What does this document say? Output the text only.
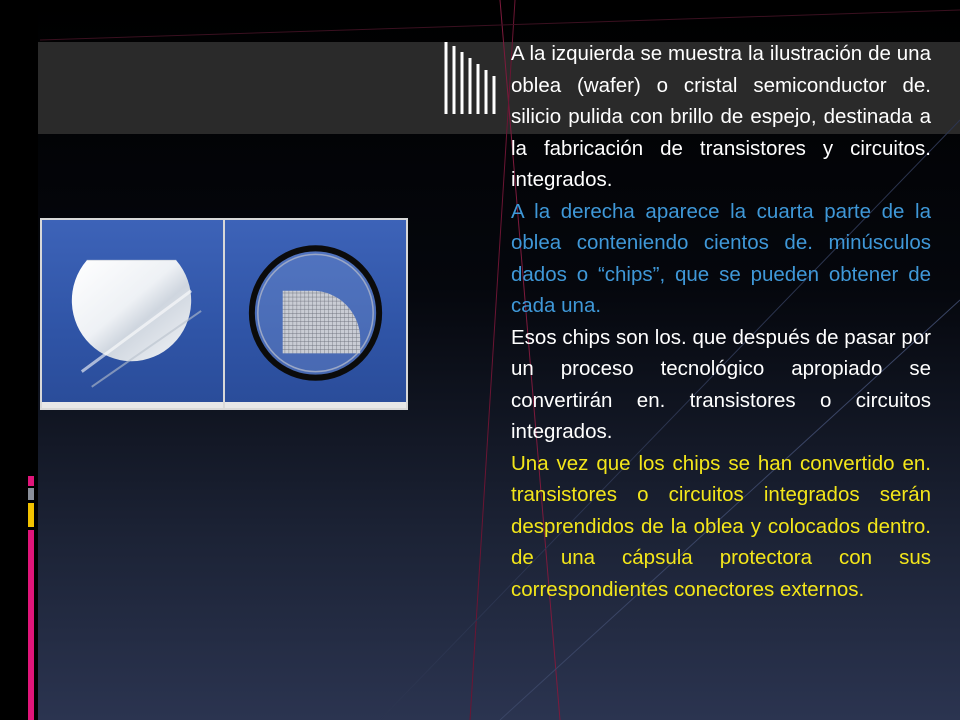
A la izquierda se muestra la ilustración de una oblea (wafer) o cristal semiconductor de. silicio pulida con brillo de espejo, destinada a la fabricación de transistores y circuitos. integrados.

A la derecha aparece la cuarta parte de la oblea conteniendo cientos de. minúsculos dados o “chips”, que se pueden obtener de cada una.

Esos chips son los. que después de pasar por un proceso tecnológico apropiado se convertirán en. transistores o circuitos integrados.

Una vez que los chips se han convertido en. transistores o circuitos integrados serán desprendidos de la oblea y colocados dentro. de una cápsula protectora con sus correspondientes conectores externos.
